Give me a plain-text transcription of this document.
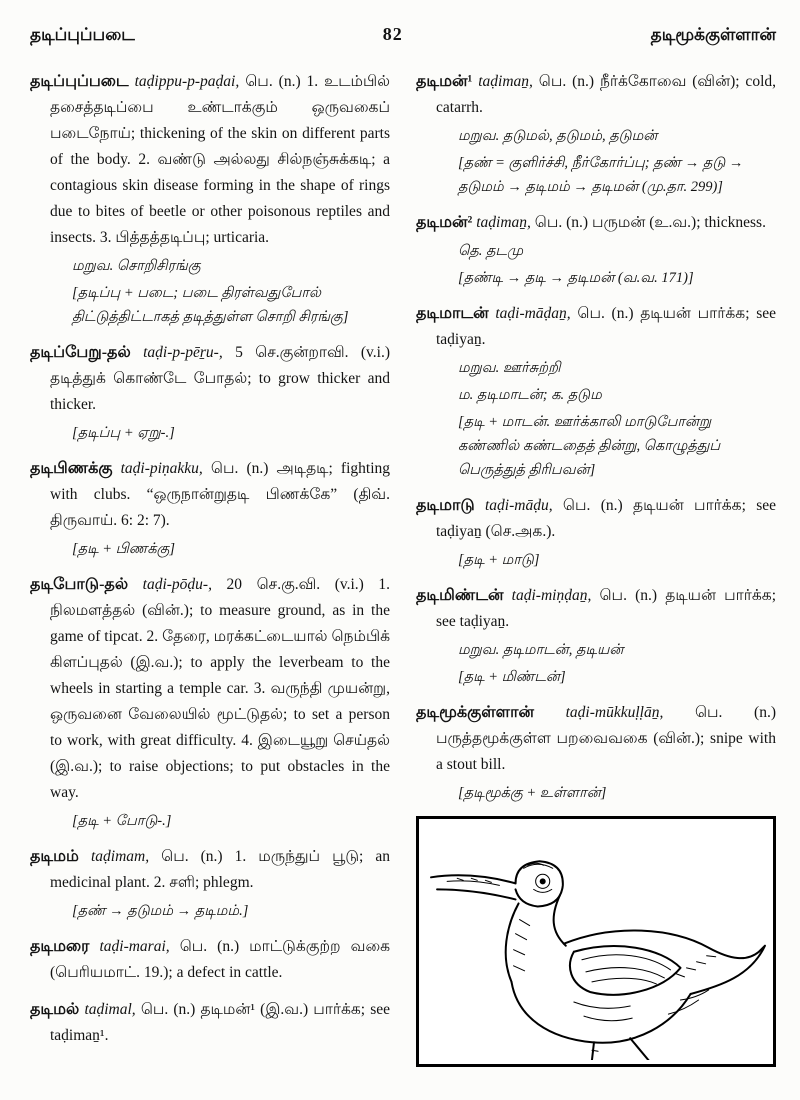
தடிப்புப்படை	82	தடிமூக்குள்ளான்

தடிப்புப்படை taḍippu-p-paḍai, பெ. (n.) 1. உடம்பில் தசைத்தடிப்பை உண்டாக்கும் ஒருவகைப் படைநோய்; thickening of the skin on different parts of the body. 2. வண்டு அல்லது சில்நஞ்சுக்கடி; a contagious skin disease forming in the shape of rings due to bites of beetle or other poisonous reptiles and insects. 3. பித்தத்தடிப்பு; urticaria.

மறுவ. சொறிசிரங்கு

[தடிப்பு + படை; படை திரள்வதுபோல் திட்டுத்திட்டாகத் தடித்துள்ள சொறி சிரங்கு]

தடிப்பேறு-தல் taḍi-p-pēṟu-, 5 செ.குன்றாவி. (v.i.) தடித்துக் கொண்டே போதல்; to grow thicker and thicker.

[தடிப்பு + ஏறு-.]

தடிபிணக்கு taḍi-piṇakku, பெ. (n.) அடிதடி; fighting with clubs. “ஒருநான்றுதடி பிணக்கே” (திவ். திருவாய். 6: 2: 7).

[தடி + பிணக்கு]

தடிபோடு-தல் taḍi-pōḍu-, 20 செ.கு.வி. (v.i.) 1. நிலமளத்தல் (வின்.); to measure ground, as in the game of tipcat. 2. தேரை, மரக்கட்டையால் நெம்பிக் கிளப்புதல் (இ.வ.); to apply the leverbeam to the wheels in starting a temple car. 3. வருந்தி முயன்று, ஒருவனை வேலையில் மூட்டுதல்; to set a person to work, with great difficulty. 4. இடையூறு செய்தல் (இ.வ.); to raise objections; to put obstacles in the way.

[தடி + போடு-.]

தடிமம் taḍimam, பெ. (n.) 1. மருந்துப் பூடு; an medicinal plant. 2. சளி; phlegm.

[தண் → தடுமம் → தடிமம்.]

தடிமரை taḍi-marai, பெ. (n.) மாட்டுக்குற்ற வகை (பெரியமாட். 19.); a defect in cattle.

தடிமல் taḍimal, பெ. (n.) தடிமன்¹ (இ.வ.) பார்க்க; see taḍimaṉ¹.

தடிமன்¹ taḍimaṉ, பெ. (n.) நீர்க்கோவை (வின்); cold, catarrh.

மறுவ. தடுமல், தடுமம், தடுமன்

[தண் = குளிர்ச்சி, நீர்கோர்ப்பு; தண் → தடு → தடுமம் → தடிமம் → தடிமன் (மு.தா. 299)]

தடிமன்² taḍimaṉ, பெ. (n.) பருமன் (உ.வ.); thickness.

தெ. தடமு

[தண்டி → தடி → தடிமன் (வ.வ. 171)]

தடிமாடன் taḍi-māḍaṉ, பெ. (n.) தடியன் பார்க்க; see taḍiyaṉ.

மறுவ. ஊர்சுற்றி

ம. தடிமாடன்; க. தடும

[தடி + மாடன். ஊர்க்காலி மாடுபோன்று கண்ணில் கண்டதைத் தின்று, கொழுத்துப் பெருத்துத் திரிபவன்]

தடிமாடு taḍi-māḍu, பெ. (n.) தடியன் பார்க்க; see taḍiyaṉ (செ.அக.).

[தடி + மாடு]

தடிமிண்டன் taḍi-miṇḍaṉ, பெ. (n.) தடியன் பார்க்க; see taḍiyaṉ.

மறுவ. தடிமாடன், தடியன்

[தடி + மிண்டன்]

தடிமூக்குள்ளான் taḍi-mūkkuḷḷāṉ, பெ. (n.) பருத்தமூக்குள்ள பறவைவகை (வின்.); snipe with a stout bill.

[தடிமூக்கு + உள்ளான்]
